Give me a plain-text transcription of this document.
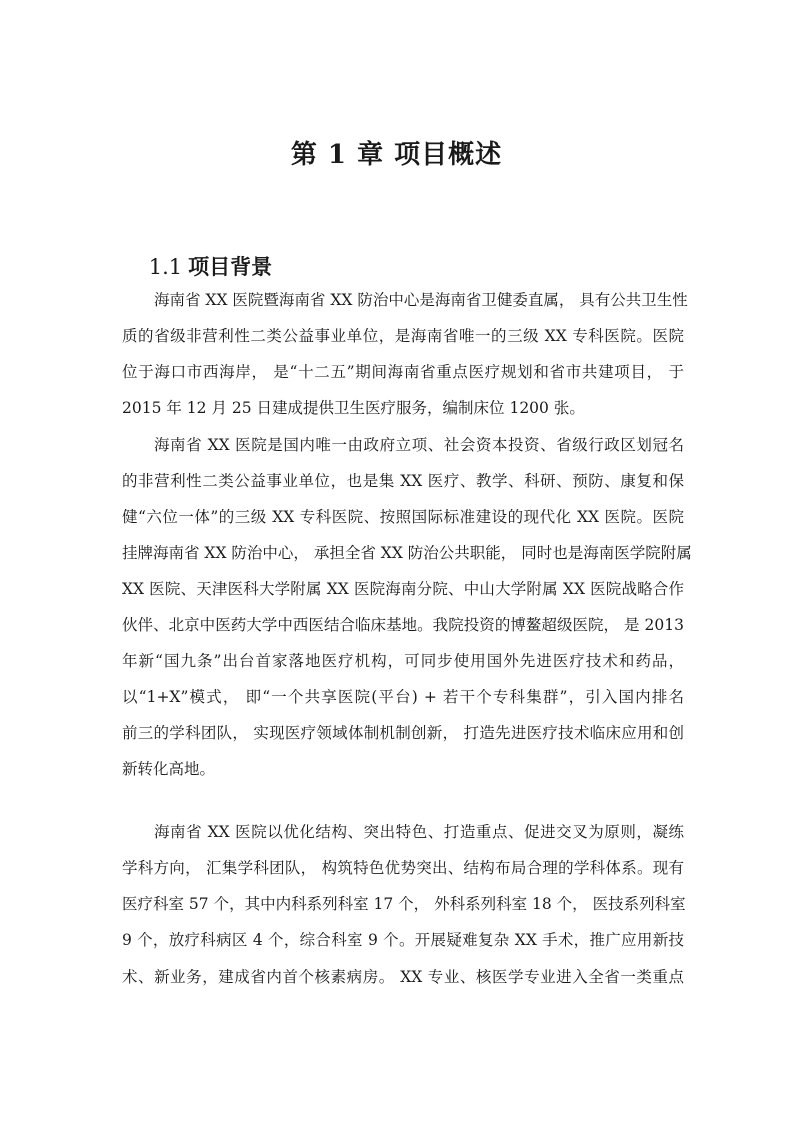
第 1 章 项目概述

1.1 项目背景

海南省 XX 医院暨海南省 XX 防治中心是海南省卫健委直属， 具有公共卫生性
质的省级非营利性二类公益事业单位，是海南省唯一的三级 XX 专科医院。医院
位于海口市西海岸， 是“十二五”期间海南省重点医疗规划和省市共建项目， 于
2015 年 12 月 25 日建成提供卫生医疗服务，编制床位 1200 张。
海南省 XX 医院是国内唯一由政府立项、社会资本投资、省级行政区划冠名
的非营利性二类公益事业单位，也是集 XX 医疗、教学、科研、预防、康复和保
健“六位一体”的三级 XX 专科医院、按照国际标准建设的现代化 XX 医院。医院
挂牌海南省 XX 防治中心， 承担全省 XX 防治公共职能， 同时也是海南医学院附属
XX 医院、天津医科大学附属 XX 医院海南分院、中山大学附属 XX 医院战略合作
伙伴、北京中医药大学中西医结合临床基地。我院投资的博鳌超级医院， 是 2013
年新“国九条”出台首家落地医疗机构，可同步使用国外先进医疗技术和药品，
以“1+X”模式， 即“一个共享医院(平台) + 若干个专科集群”，引入国内排名
前三的学科团队， 实现医疗领域体制机制创新， 打造先进医疗技术临床应用和创
新转化高地。
海南省 XX 医院以优化结构、突出特色、打造重点、促进交叉为原则，凝练
学科方向， 汇集学科团队， 构筑特色优势突出、结构布局合理的学科体系。现有
医疗科室 57 个，其中内科系列科室 17 个， 外科系列科室 18 个， 医技系列科室
9 个，放疗科病区 4 个，综合科室 9 个。开展疑难复杂 XX 手术，推广应用新技
术、新业务，建成省内首个核素病房。 XX 专业、核医学专业进入全省一类重点
